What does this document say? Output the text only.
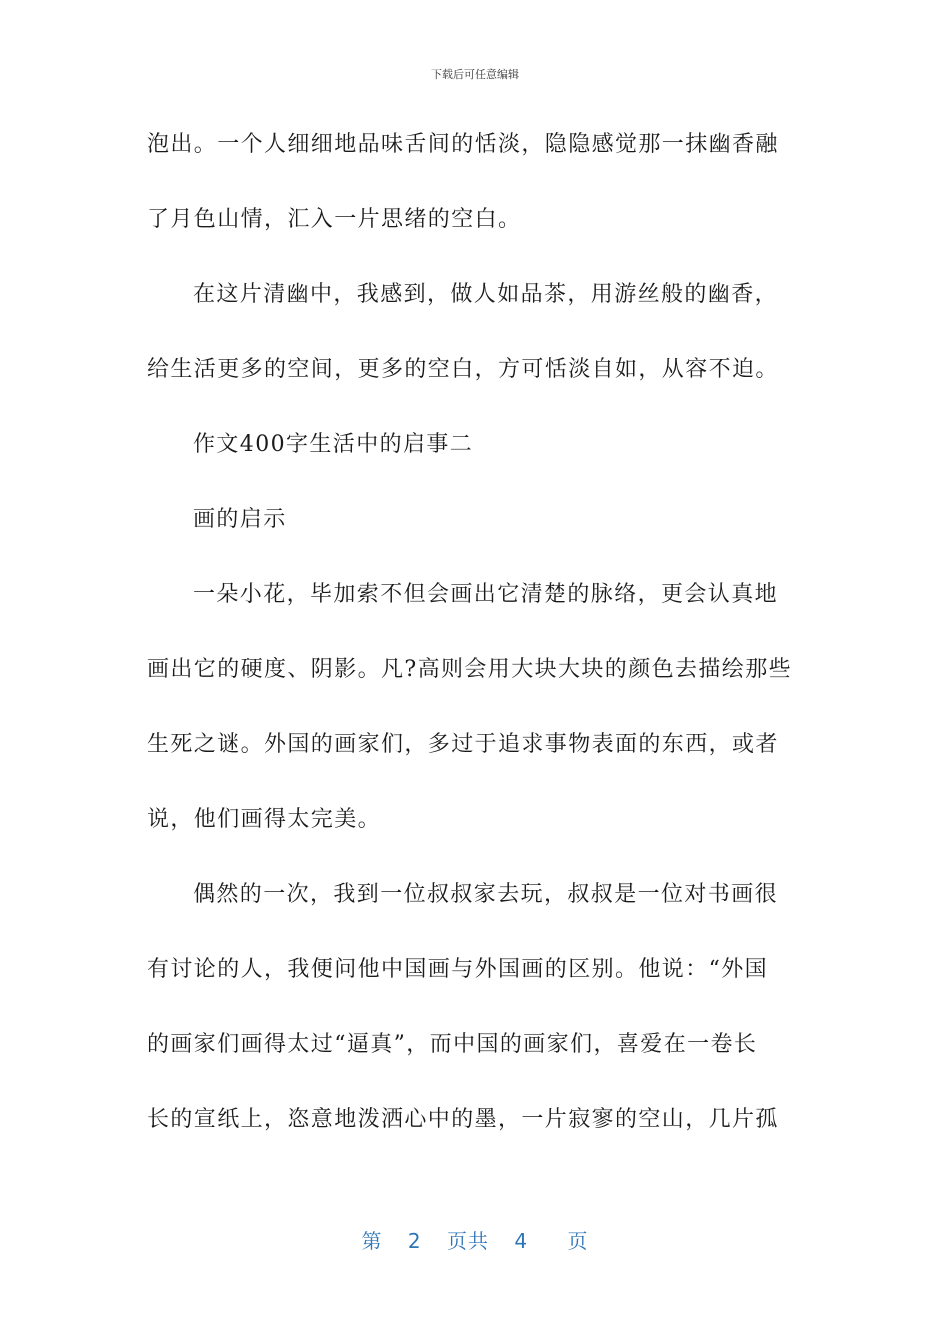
下载后可任意编辑
泡出。一个人细细地品味舌间的恬淡，隐隐感觉那一抹幽香融
了月色山情，汇入一片思绪的空白。
在这片清幽中，我感到，做人如品茶，用游丝般的幽香，
给生活更多的空间，更多的空白，方可恬淡自如，从容不迫。
作文400字生活中的启事二
画的启示
一朵小花，毕加索不但会画出它清楚的脉络，更会认真地
画出它的硬度、阴影。凡?高则会用大块大块的颜色去描绘那些
生死之谜。外国的画家们，多过于追求事物表面的东西，或者
说，他们画得太完美。
偶然的一次，我到一位叔叔家去玩，叔叔是一位对书画很
有讨论的人，我便问他中国画与外国画的区别。他说：“外国
的画家们画得太过“逼真”，而中国的画家们，喜爱在一卷长
长的宣纸上，恣意地泼洒心中的墨，一片寂寥的空山，几片孤
第 2 页共 4 页
